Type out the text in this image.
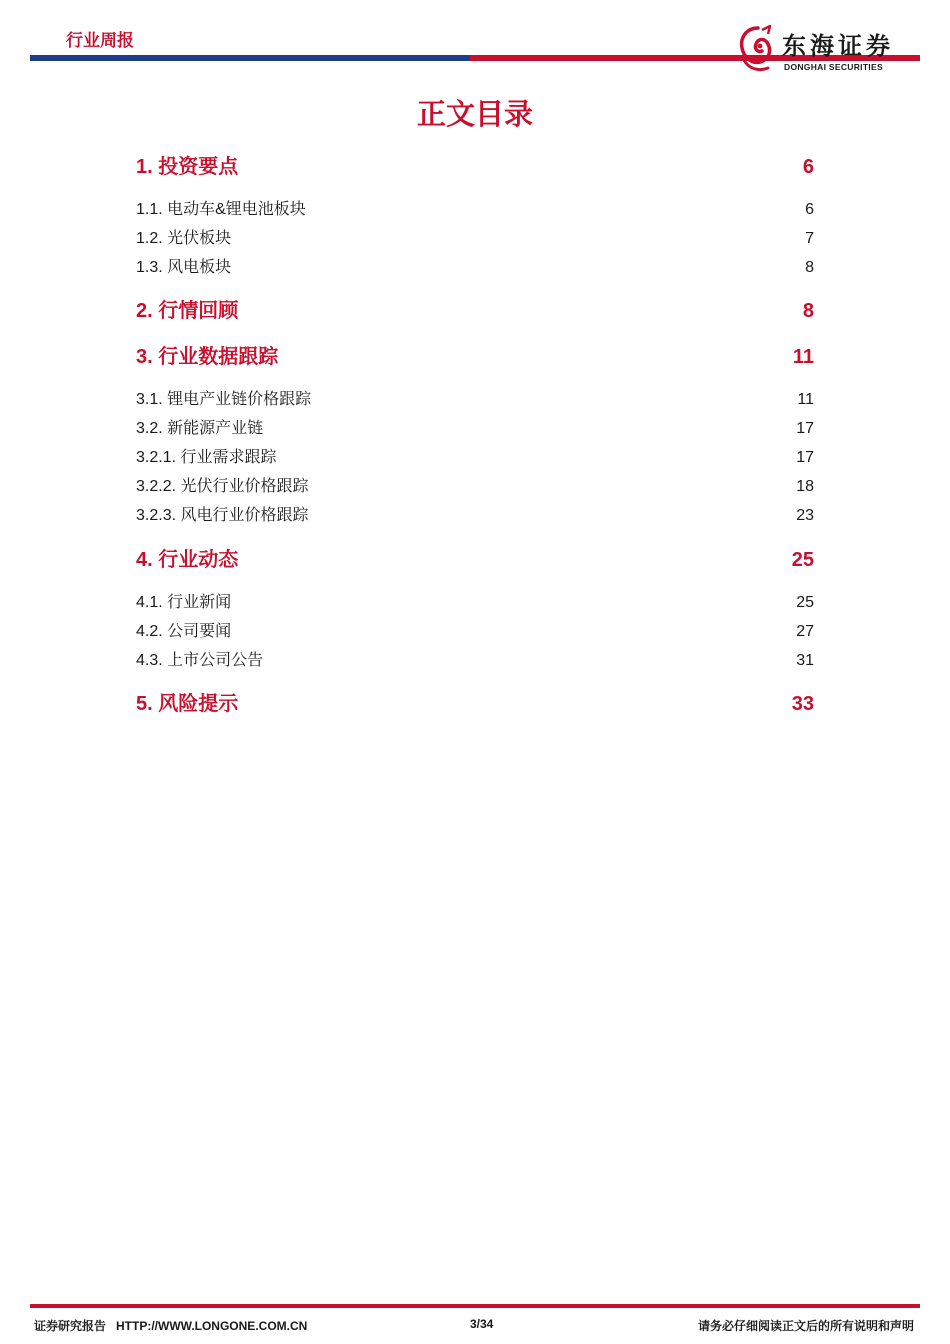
行业周报	东海证券
DONGHAI SECURITIES
正文目录
1. 投资要点	6
1.1. 电动车&锂电池板块	6
1.2. 光伏板块	7
1.3. 风电板块	8
2. 行情回顾	8
3. 行业数据跟踪	11
3.1. 锂电产业链价格跟踪	11
3.2. 新能源产业链	17
3.2.1. 行业需求跟踪	17
3.2.2. 光伏行业价格跟踪	18
3.2.3. 风电行业价格跟踪	23
4. 行业动态	25
4.1. 行业新闻	25
4.2. 公司要闻	27
4.3. 上市公司公告	31
5. 风险提示	33
证券研究报告   HTTP://WWW.LONGONE.COM.CN	3/34	请务必仔细阅读正文后的所有说明和声明
